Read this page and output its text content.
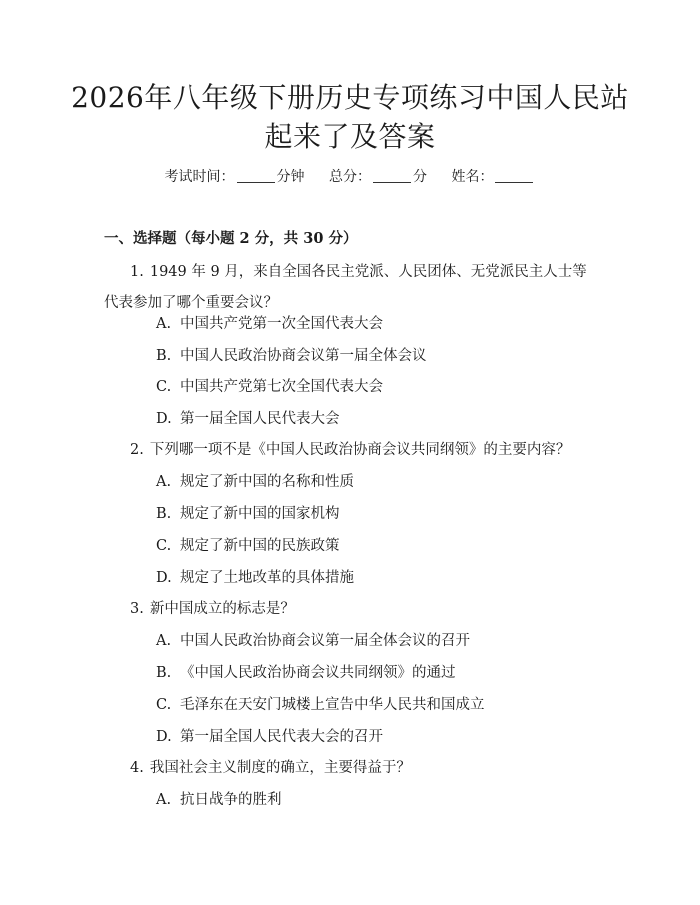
2026年八年级下册历史专项练习中国人民站
起来了及答案
考试时间：	分钟 总分：	分 姓名：
一、选择题（每小题 2 分，共 30 分）

1. 1949 年 9 月，来自全国各民主党派、人民团体、无党派民主人士等代表参加了哪个重要会议？

A. 中国共产党第一次全国代表大会
B. 中国人民政治协商会议第一届全体会议
C. 中国共产党第七次全国代表大会
D. 第一届全国人民代表大会

2. 下列哪一项不是《中国人民政治协商会议共同纲领》的主要内容？

A. 规定了新中国的名称和性质
B. 规定了新中国的国家机构
C. 规定了新中国的民族政策
D. 规定了土地改革的具体措施

3. 新中国成立的标志是？

A. 中国人民政治协商会议第一届全体会议的召开
B. 《中国人民政治协商会议共同纲领》的通过
C. 毛泽东在天安门城楼上宣告中华人民共和国成立
D. 第一届全国人民代表大会的召开

4. 我国社会主义制度的确立，主要得益于？

A. 抗日战争的胜利
